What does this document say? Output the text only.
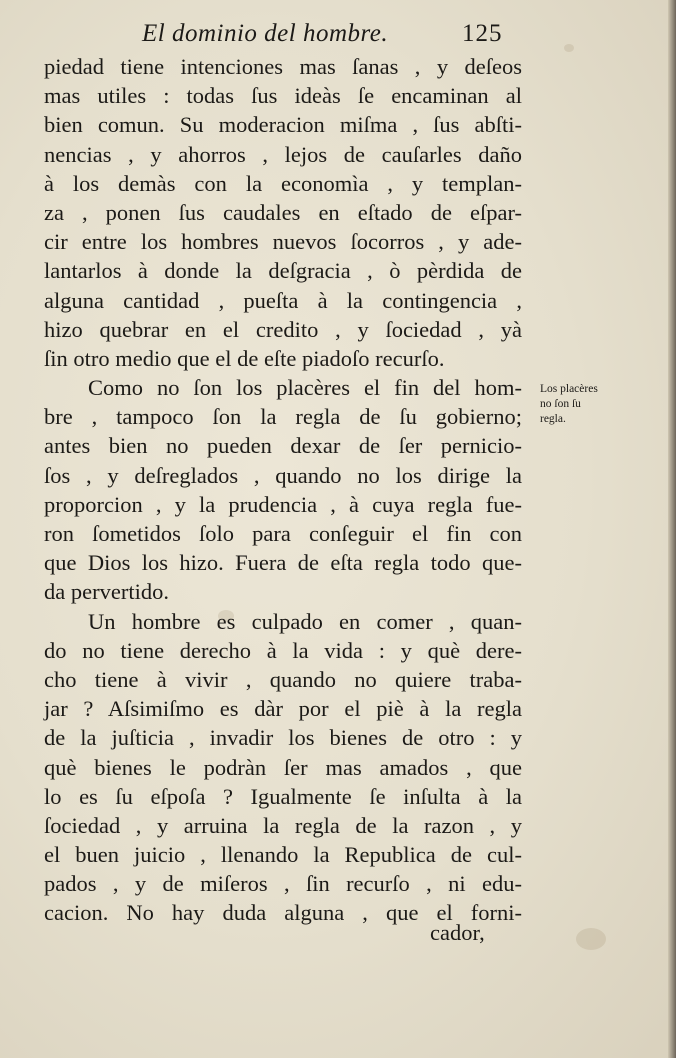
El dominio del hombre.	125
piedad tiene intenciones mas ſanas , y deſeos
mas utiles : todas ſus ideàs ſe encaminan al
bien comun. Su moderacion miſma , ſus abſti-
nencias , y ahorros , lejos de cauſarles daño
à los demàs con la economìa , y templan-
za , ponen ſus caudales en eſtado de eſpar-
cir entre los hombres nuevos ſocorros , y ade-
lantarlos à donde la deſgracia , ò pèrdida de
alguna cantidad , pueſta à la contingencia ,
hizo quebrar en el credito , y ſociedad , yà
ſin otro medio que el de eſte piadoſo recurſo.
Como no ſon los placères el fin del hom-
bre , tampoco ſon la regla de ſu gobierno;
antes bien no pueden dexar de ſer pernicio-
ſos , y deſreglados , quando no los dirige la
proporcion , y la prudencia , à cuya regla fue-
ron ſometidos ſolo para conſeguir el fin con
que Dios los hizo. Fuera de eſta regla todo que-
da pervertido.
Un hombre es culpado en comer , quan-
do no tiene derecho à la vida : y què dere-
cho tiene à vivir , quando no quiere traba-
jar ? Aſsimiſmo es dàr por el piè à la regla
de la juſticia , invadir los bienes de otro : y
què bienes le podràn ſer mas amados , que
lo es ſu eſpoſa ? Igualmente ſe inſulta à la
ſociedad , y arruina la regla de la razon , y
el buen juicio , llenando la Republica de cul-
pados , y de miſeros , ſin recurſo , ni edu-
cacion. No hay duda alguna , que el forni-
cador,
Los placères
no ſon ſu
regla.
